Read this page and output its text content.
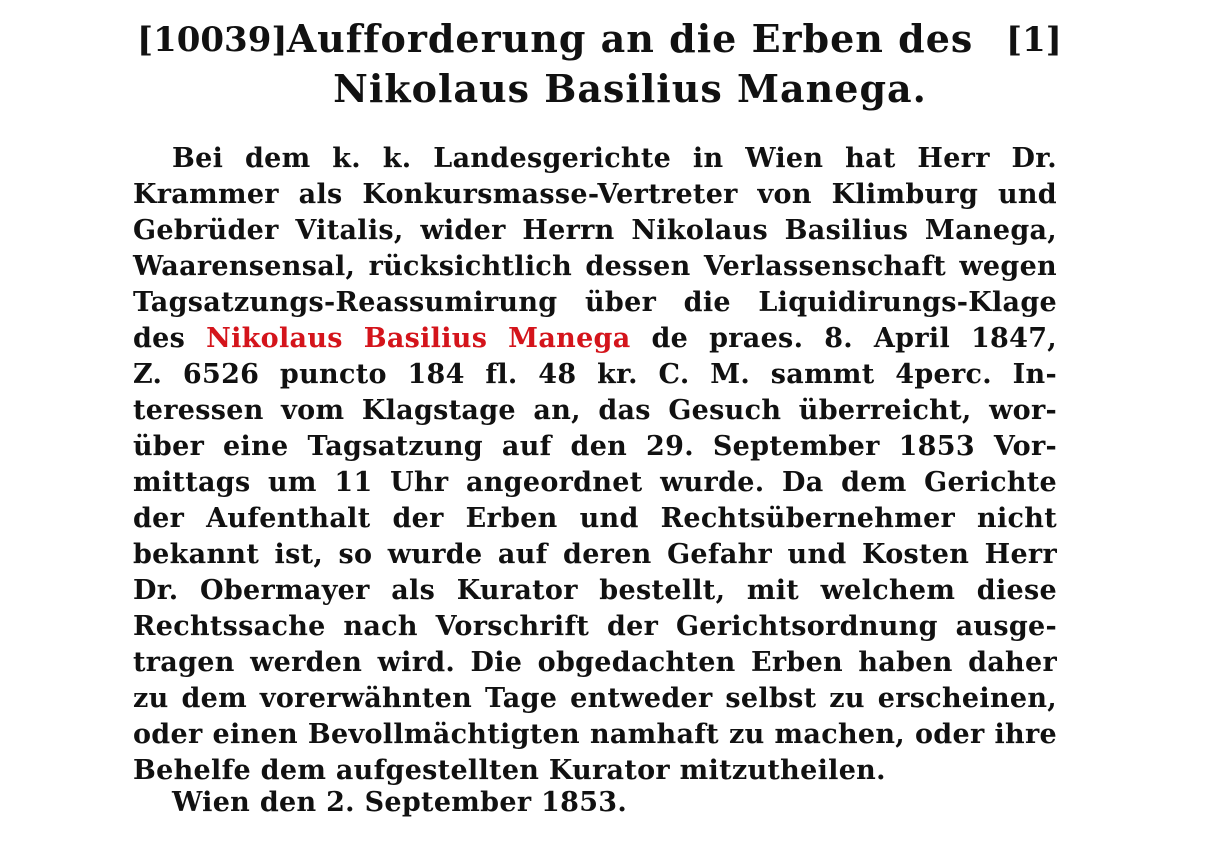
[10039] Aufforderung an die Erben des [1]
Nikolaus Basilius Manega.
Bei dem k. k. Landesgerichte in Wien hat Herr Dr.
Krammer als Konkursmasse-Vertreter von Klimburg und
Gebrüder Vitalis, wider Herrn Nikolaus Basilius Manega,
Waarensensal, rücksichtlich dessen Verlassenschaft wegen
Tagsatzungs-Reassumirung über die Liquidirungs-Klage
des Nikolaus Basilius Manega de praes. 8. April 1847,
Z. 6526 puncto 184 fl. 48 kr. C. M. sammt 4perc. In-
teressen vom Klagstage an, das Gesuch überreicht, wor-
über eine Tagsatzung auf den 29. September 1853 Vor-
mittags um 11 Uhr angeordnet wurde. Da dem Gerichte
der Aufenthalt der Erben und Rechtsübernehmer nicht
bekannt ist, so wurde auf deren Gefahr und Kosten Herr
Dr. Obermayer als Kurator bestellt, mit welchem diese
Rechtssache nach Vorschrift der Gerichtsordnung ausge-
tragen werden wird. Die obgedachten Erben haben daher
zu dem vorerwähnten Tage entweder selbst zu erscheinen,
oder einen Bevollmächtigten namhaft zu machen, oder ihre
Behelfe dem aufgestellten Kurator mitzutheilen.
Wien den 2. September 1853.
